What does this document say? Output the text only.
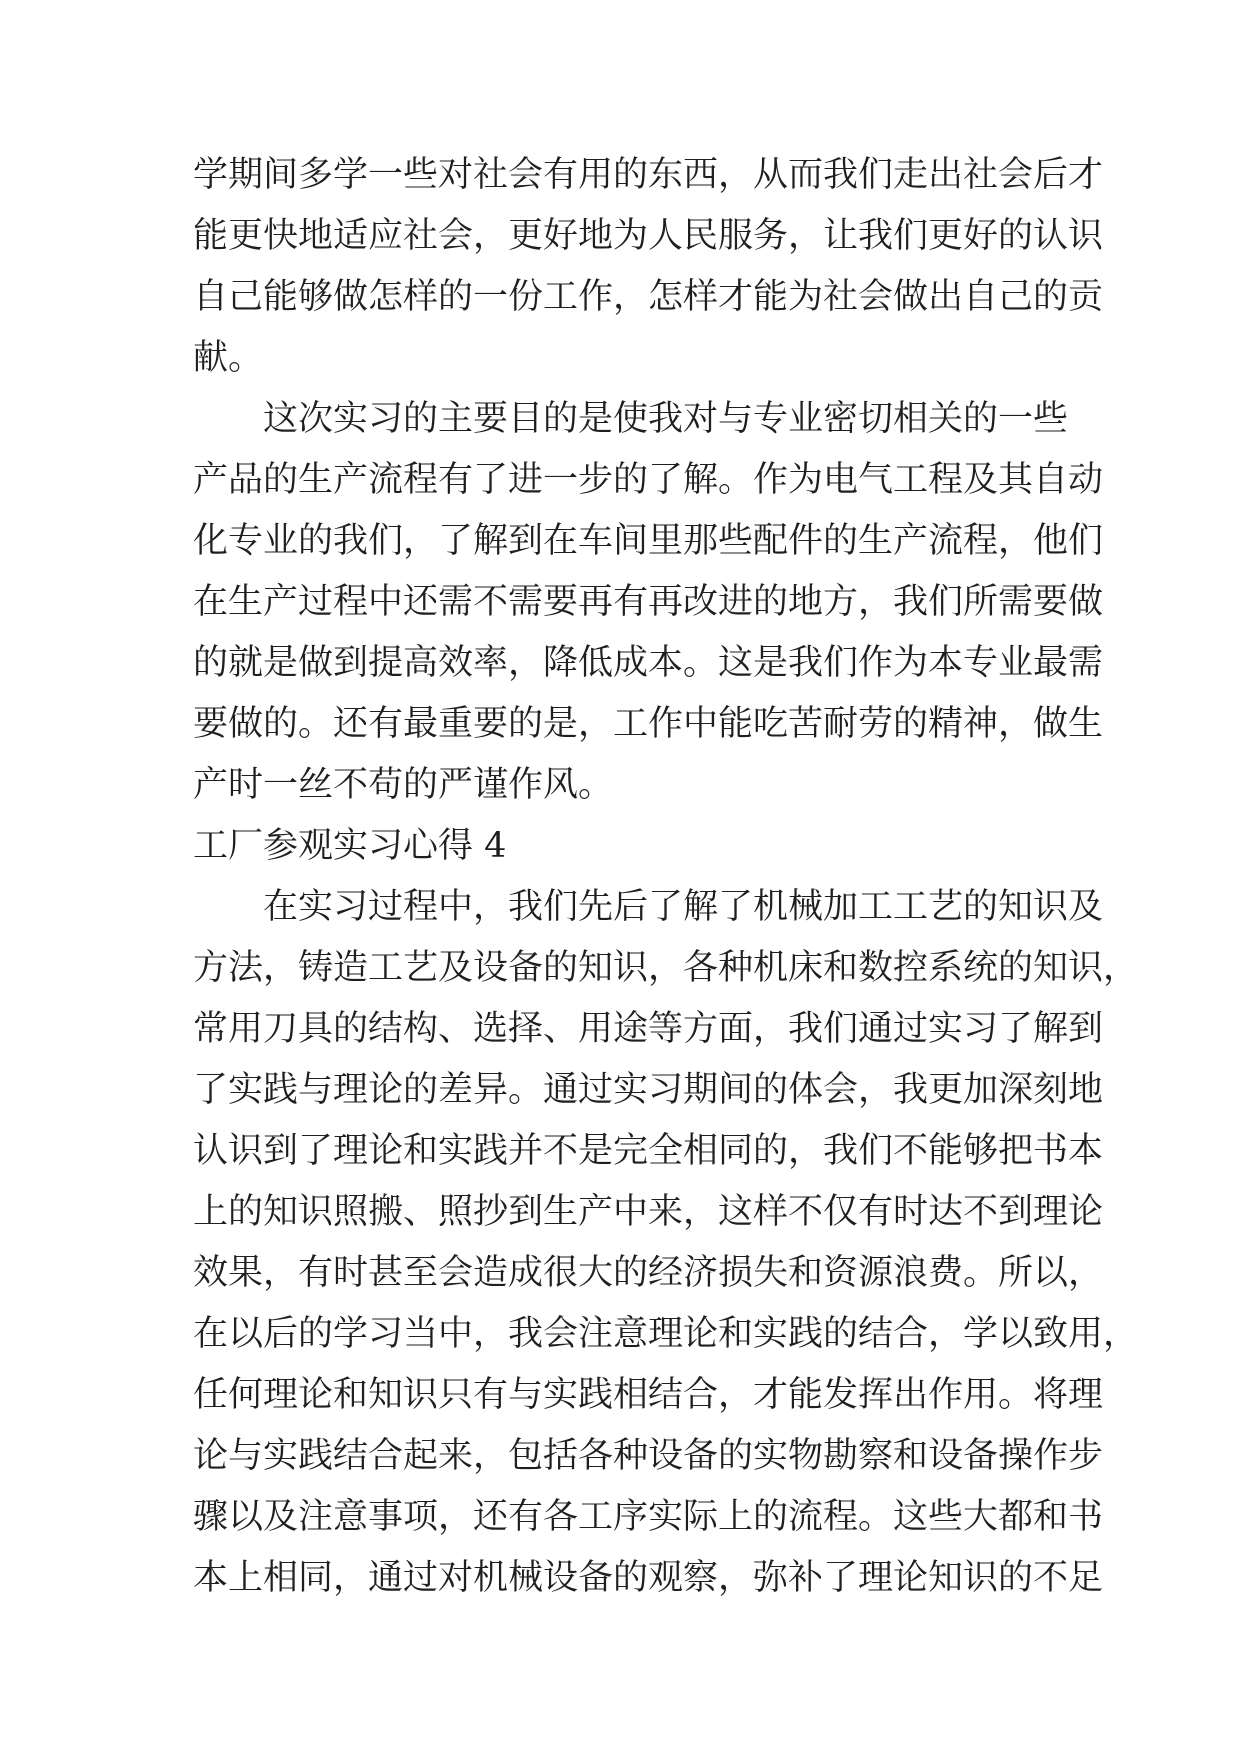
学期间多学一些对社会有用的东西，从而我们走出社会后才
能更快地适应社会，更好地为人民服务，让我们更好的认识
自己能够做怎样的一份工作，怎样才能为社会做出自己的贡
献。
这次实习的主要目的是使我对与专业密切相关的一些
产品的生产流程有了进一步的了解。作为电气工程及其自动
化专业的我们，了解到在车间里那些配件的生产流程，他们
在生产过程中还需不需要再有再改进的地方，我们所需要做
的就是做到提高效率，降低成本。这是我们作为本专业最需
要做的。还有最重要的是，工作中能吃苦耐劳的精神，做生
产时一丝不苟的严谨作风。
工厂参观实习心得 4
在实习过程中，我们先后了解了机械加工工艺的知识及
方法，铸造工艺及设备的知识，各种机床和数控系统的知识，
常用刀具的结构、选择、用途等方面，我们通过实习了解到
了实践与理论的差异。通过实习期间的体会，我更加深刻地
认识到了理论和实践并不是完全相同的，我们不能够把书本
上的知识照搬、照抄到生产中来，这样不仅有时达不到理论
效果，有时甚至会造成很大的经济损失和资源浪费。所以，
在以后的学习当中，我会注意理论和实践的结合，学以致用，
任何理论和知识只有与实践相结合，才能发挥出作用。将理
论与实践结合起来，包括各种设备的实物勘察和设备操作步
骤以及注意事项，还有各工序实际上的流程。这些大都和书
本上相同，通过对机械设备的观察，弥补了理论知识的不足
